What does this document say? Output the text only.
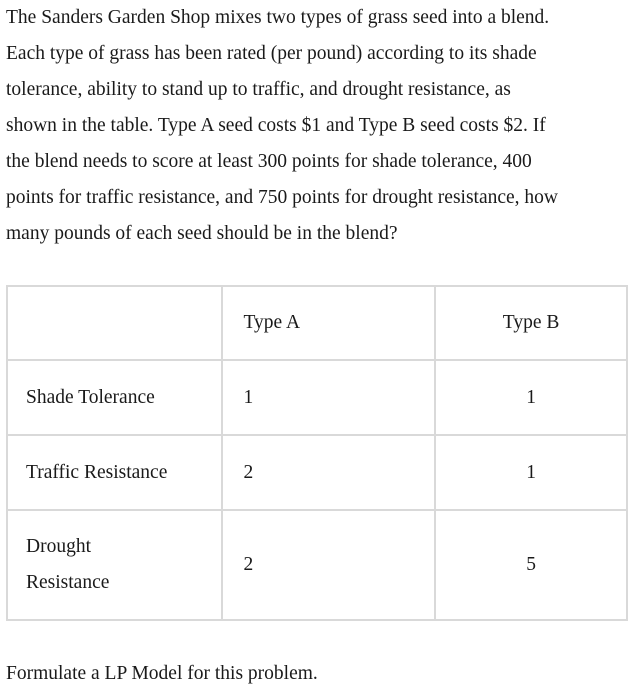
The Sanders Garden Shop mixes two types of grass seed into a blend.
Each type of grass has been rated (per pound) according to its shade
tolerance, ability to stand up to traffic, and drought resistance, as
shown in the table. Type A seed costs $1 and Type B seed costs $2. If
the blend needs to score at least 300 points for shade tolerance, 400
points for traffic resistance, and 750 points for drought resistance, how
many pounds of each seed should be in the blend?
	Type A	Type B

Shade Tolerance	1	1

Traffic Resistance	2	1

Drought
Resistance	2	5

Formulate a LP Model for this problem.
